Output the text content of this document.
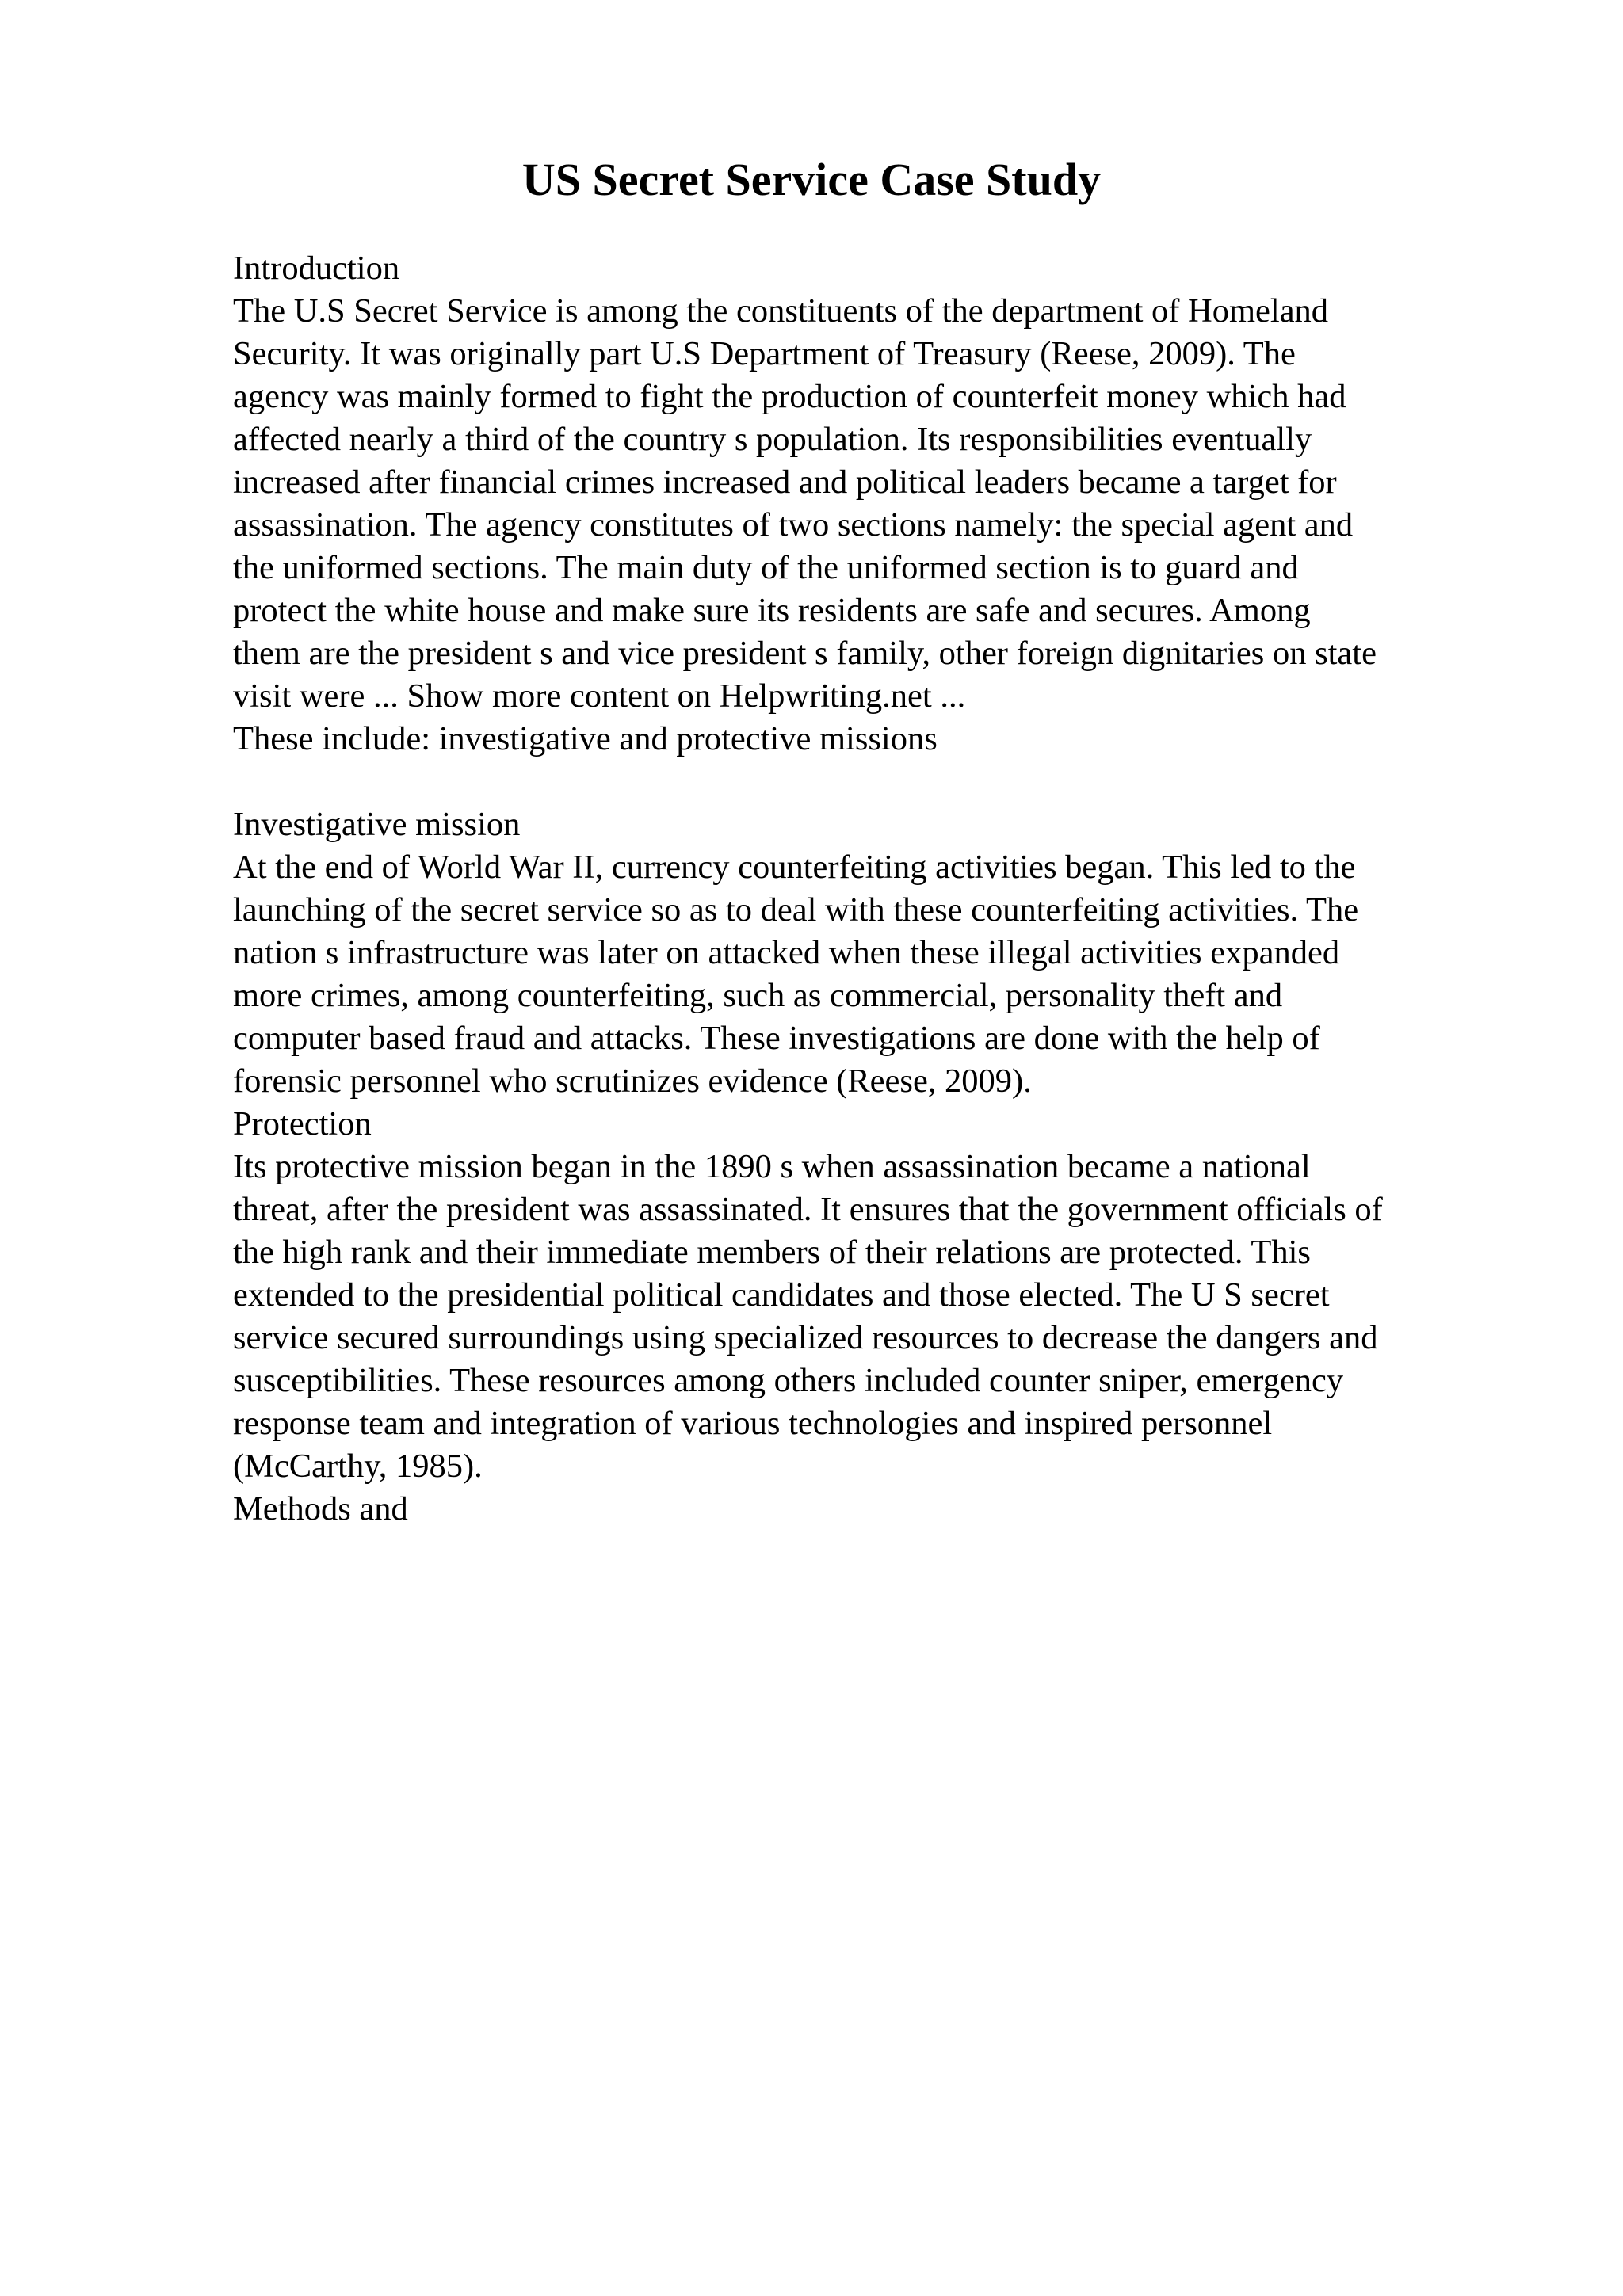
US Secret Service Case Study
Introduction
The U.S Secret Service is among the constituents of the department of Homeland
Security. It was originally part U.S Department of Treasury (Reese, 2009). The
agency was mainly formed to fight the production of counterfeit money which had
affected nearly a third of the country s population. Its responsibilities eventually
increased after financial crimes increased and political leaders became a target for
assassination. The agency constitutes of two sections namely: the special agent and
the uniformed sections. The main duty of the uniformed section is to guard and
protect the white house and make sure its residents are safe and secures. Among
them are the president s and vice president s family, other foreign dignitaries on state
visit were ... Show more content on Helpwriting.net ...
These include: investigative and protective missions
Investigative mission
At the end of World War II, currency counterfeiting activities began. This led to the
launching of the secret service so as to deal with these counterfeiting activities. The
nation s infrastructure was later on attacked when these illegal activities expanded
more crimes, among counterfeiting, such as commercial, personality theft and
computer based fraud and attacks. These investigations are done with the help of
forensic personnel who scrutinizes evidence (Reese, 2009).
Protection
Its protective mission began in the 1890 s when assassination became a national
threat, after the president was assassinated. It ensures that the government officials of
the high rank and their immediate members of their relations are protected. This
extended to the presidential political candidates and those elected. The U S secret
service secured surroundings using specialized resources to decrease the dangers and
susceptibilities. These resources among others included counter sniper, emergency
response team and integration of various technologies and inspired personnel
(McCarthy, 1985).
Methods and
